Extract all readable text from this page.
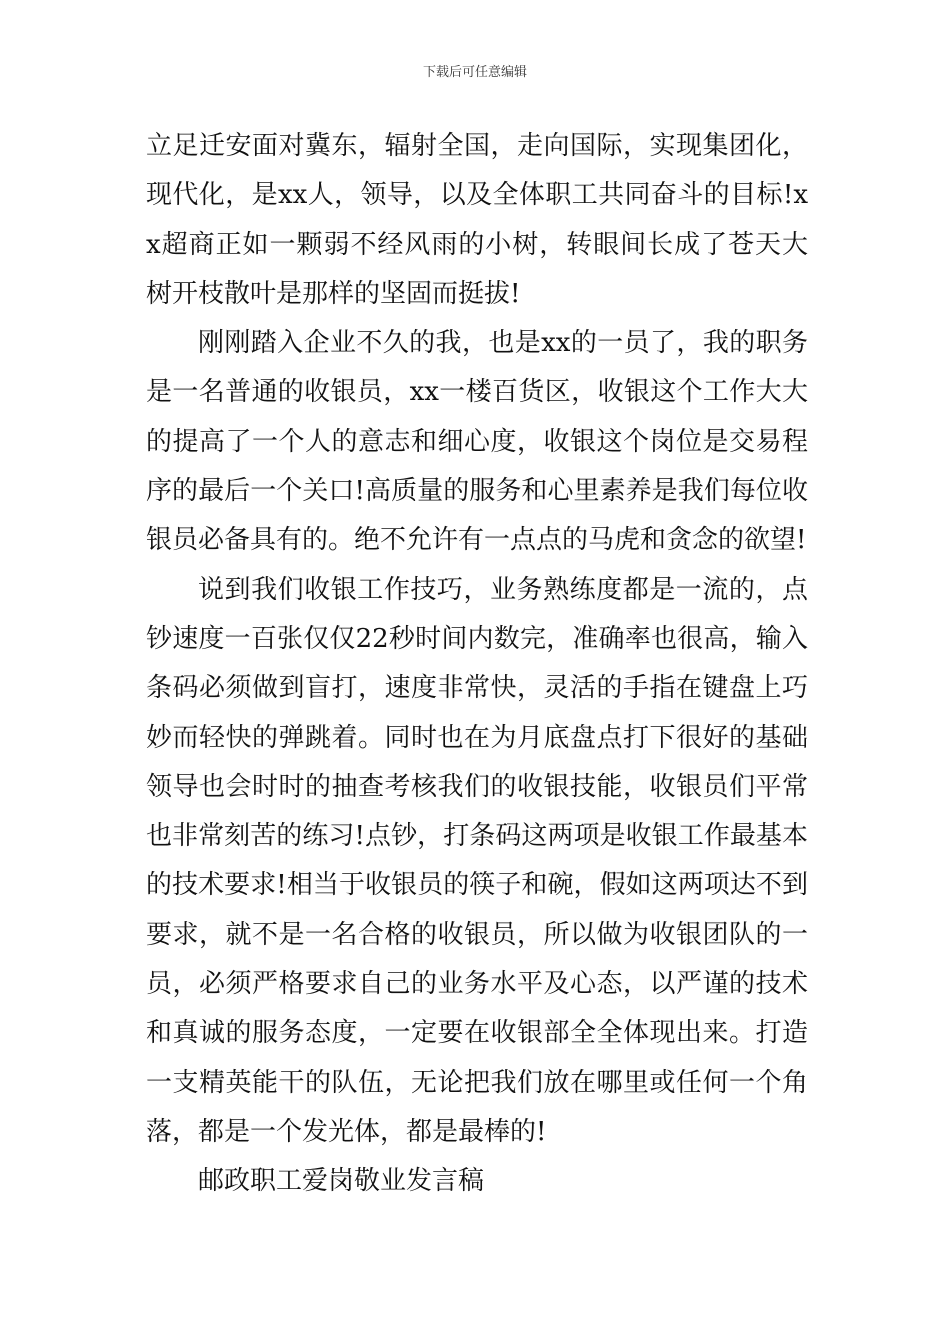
下载后可任意编辑

立足迁安面对冀东，辐射全国，走向国际，实现集团化，现代化，是xx人，领导，以及全体职工共同奋斗的目标!xx超商正如一颗弱不经风雨的小树，转眼间长成了苍天大树开枝散叶是那样的坚固而挺拔!

刚刚踏入企业不久的我，也是xx的一员了，我的职务是一名普通的收银员，xx一楼百货区，收银这个工作大大的提高了一个人的意志和细心度，收银这个岗位是交易程序的最后一个关口!高质量的服务和心里素养是我们每位收银员必备具有的。绝不允许有一点点的马虎和贪念的欲望!

说到我们收银工作技巧，业务熟练度都是一流的，点钞速度一百张仅仅22秒时间内数完，准确率也很高，输入条码必须做到盲打，速度非常快，灵活的手指在键盘上巧妙而轻快的弹跳着。同时也在为月底盘点打下很好的基础领导也会时时的抽查考核我们的收银技能，收银员们平常也非常刻苦的练习!点钞，打条码这两项是收银工作最基本的技术要求!相当于收银员的筷子和碗，假如这两项达不到要求，就不是一名合格的收银员，所以做为收银团队的一员，必须严格要求自己的业务水平及心态，以严谨的技术和真诚的服务态度，一定要在收银部全全体现出来。打造一支精英能干的队伍，无论把我们放在哪里或任何一个角落，都是一个发光体，都是最棒的!

邮政职工爱岗敬业发言稿
